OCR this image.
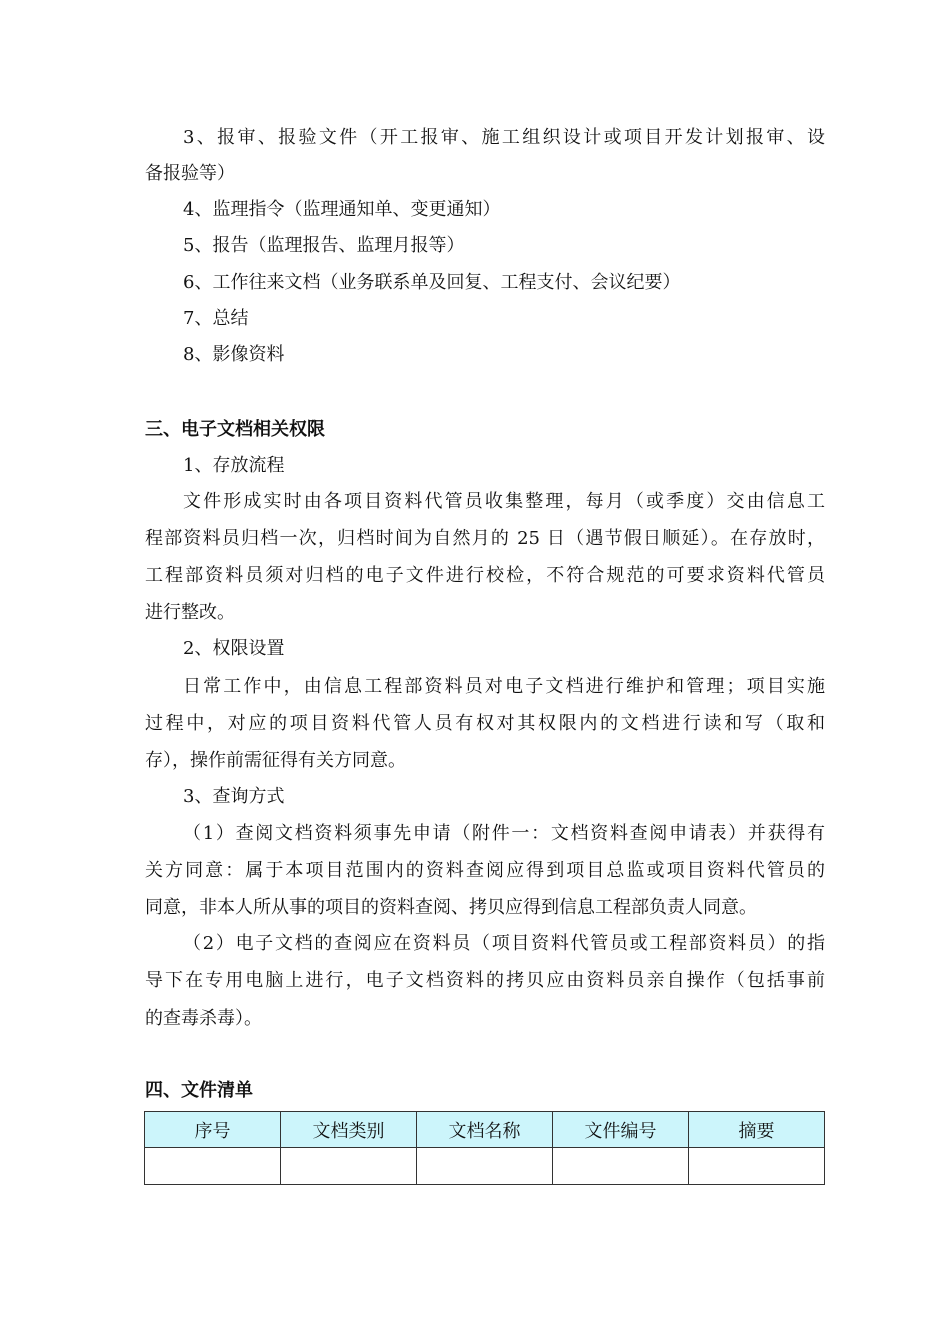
3、报审、报验文件（开工报审、施工组织设计或项目开发计划报审、设
备报验等）
4、监理指令（监理通知单、变更通知）
5、报告（监理报告、监理月报等）
6、工作往来文档（业务联系单及回复、工程支付、会议纪要）
7、总结
8、影像资料
三、电子文档相关权限
1、存放流程
文件形成实时由各项目资料代管员收集整理，每月（或季度）交由信息工
程部资料员归档一次，归档时间为自然月的 25 日（遇节假日顺延）。在存放时，
工程部资料员须对归档的电子文件进行校检，不符合规范的可要求资料代管员
进行整改。
2、权限设置
日常工作中，由信息工程部资料员对电子文档进行维护和管理；项目实施
过程中，对应的项目资料代管人员有权对其权限内的文档进行读和写（取和
存），操作前需征得有关方同意。
3、查询方式
（1）查阅文档资料须事先申请（附件一：文档资料查阅申请表）并获得有
关方同意：属于本项目范围内的资料查阅应得到项目总监或项目资料代管员的
同意，非本人所从事的项目的资料查阅、拷贝应得到信息工程部负责人同意。
（2）电子文档的查阅应在资料员（项目资料代管员或工程部资料员）的指
导下在专用电脑上进行，电子文档资料的拷贝应由资料员亲自操作（包括事前
的查毒杀毒）。
四、文件清单
序号	文档类别	文档名称	文件编号	摘要
